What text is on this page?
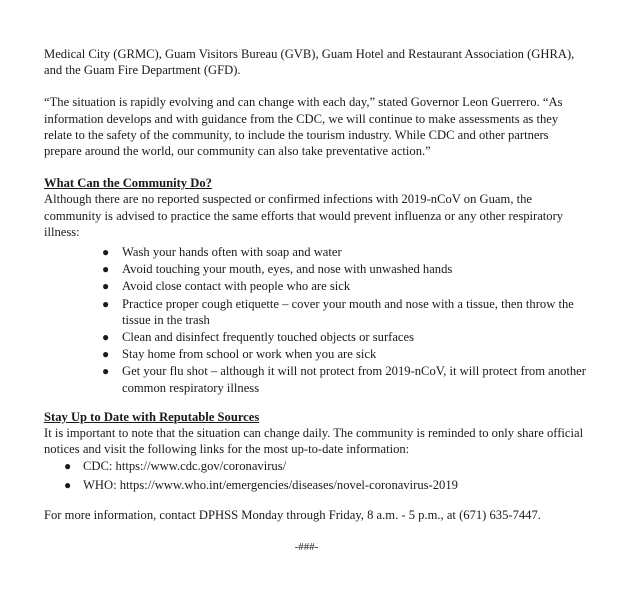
Medical City (GRMC), Guam Visitors Bureau (GVB), Guam Hotel and Restaurant Association (GHRA), and the Guam Fire Department (GFD).

“The situation is rapidly evolving and can change with each day,” stated Governor Leon Guerrero. “As information develops and with guidance from the CDC, we will continue to make assessments as they relate to the safety of the community, to include the tourism industry. While CDC and other partners prepare around the world, our community can also take preventative action.”

What Can the Community Do?

Although there are no reported suspected or confirmed infections with 2019-nCoV on Guam, the community is advised to practice the same efforts that would prevent influenza or any other respiratory illness:

● Wash your hands often with soap and water
● Avoid touching your mouth, eyes, and nose with unwashed hands
● Avoid close contact with people who are sick
● Practice proper cough etiquette – cover your mouth and nose with a tissue, then throw the tissue in the trash
● Clean and disinfect frequently touched objects or surfaces
● Stay home from school or work when you are sick
● Get your flu shot – although it will not protect from 2019-nCoV, it will protect from another common respiratory illness

Stay Up to Date with Reputable Sources

It is important to note that the situation can change daily. The community is reminded to only share official notices and visit the following links for the most up-to-date information:

● CDC: https://www.cdc.gov/coronavirus/
● WHO: https://www.who.int/emergencies/diseases/novel-coronavirus-2019

For more information, contact DPHSS Monday through Friday, 8 a.m. - 5 p.m., at (671) 635-7447.

-###-
